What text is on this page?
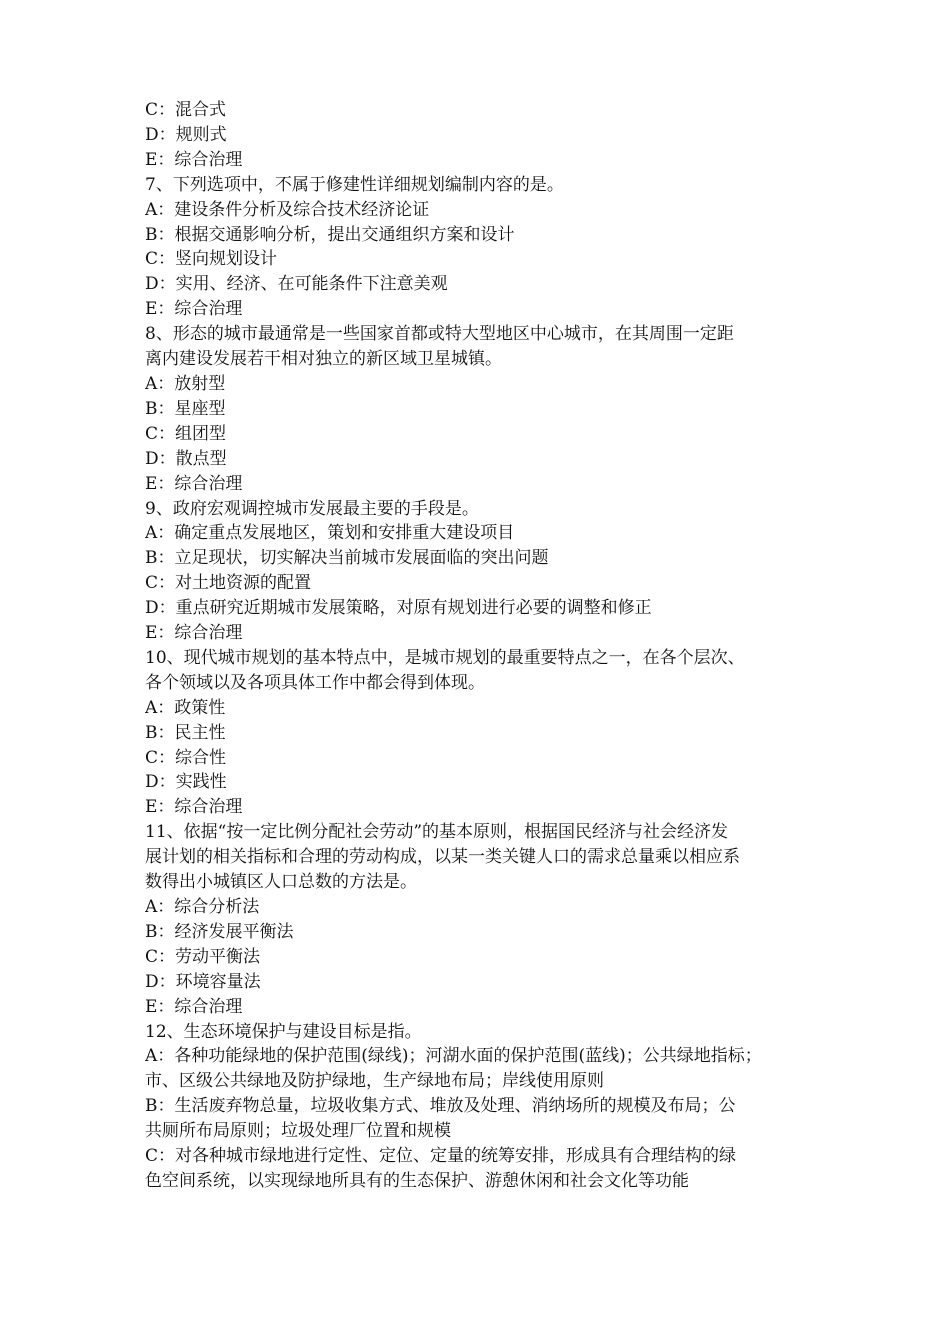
C：混合式
D：规则式
E：综合治理
7、下列选项中，不属于修建性详细规划编制内容的是。
A：建设条件分析及综合技术经济论证
B：根据交通影响分析，提出交通组织方案和设计
C：竖向规划设计
D：实用、经济、在可能条件下注意美观
E：综合治理
8、形态的城市最通常是一些国家首都或特大型地区中心城市，在其周围一定距
离内建设发展若干相对独立的新区域卫星城镇。
A：放射型
B：星座型
C：组团型
D：散点型
E：综合治理
9、政府宏观调控城市发展最主要的手段是。
A：确定重点发展地区，策划和安排重大建设项目
B：立足现状，切实解决当前城市发展面临的突出问题
C：对土地资源的配置
D：重点研究近期城市发展策略，对原有规划进行必要的调整和修正
E：综合治理
10、现代城市规划的基本特点中，是城市规划的最重要特点之一，在各个层次、
各个领域以及各项具体工作中都会得到体现。
A：政策性
B：民主性
C：综合性
D：实践性
E：综合治理
11、依据“按一定比例分配社会劳动”的基本原则，根据国民经济与社会经济发
展计划的相关指标和合理的劳动构成，以某一类关键人口的需求总量乘以相应系
数得出小城镇区人口总数的方法是。
A：综合分析法
B：经济发展平衡法
C：劳动平衡法
D：环境容量法
E：综合治理
12、生态环境保护与建设目标是指。
A：各种功能绿地的保护范围(绿线)；河湖水面的保护范围(蓝线)；公共绿地指标；
市、区级公共绿地及防护绿地，生产绿地布局；岸线使用原则
B：生活废弃物总量，垃圾收集方式、堆放及处理、消纳场所的规模及布局；公
共厕所布局原则；垃圾处理厂位置和规模
C：对各种城市绿地进行定性、定位、定量的统筹安排，形成具有合理结构的绿
色空间系统，以实现绿地所具有的生态保护、游憩休闲和社会文化等功能
